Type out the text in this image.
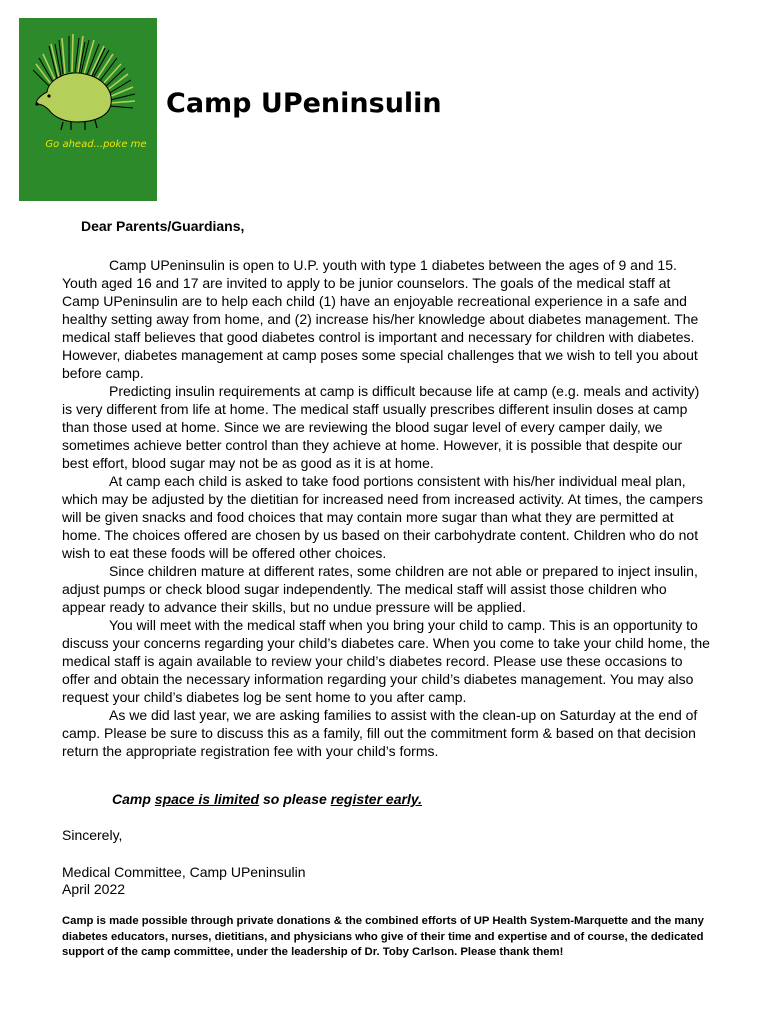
Go ahead...poke me
Camp UPeninsulin
Dear Parents/Guardians,

Camp UPeninsulin is open to U.P. youth with type 1 diabetes between the ages of 9 and 15. Youth aged 16 and 17 are invited to apply to be junior counselors. The goals of the medical staff at Camp UPeninsulin are to help each child (1) have an enjoyable recreational experience in a safe and healthy setting away from home, and (2) increase his/her knowledge about diabetes management. The medical staff believes that good diabetes control is important and necessary for children with diabetes. However, diabetes management at camp poses some special challenges that we wish to tell you about before camp.

Predicting insulin requirements at camp is difficult because life at camp (e.g. meals and activity) is very different from life at home. The medical staff usually prescribes different insulin doses at camp than those used at home. Since we are reviewing the blood sugar level of every camper daily, we sometimes achieve better control than they achieve at home. However, it is possible that despite our best effort, blood sugar may not be as good as it is at home.

At camp each child is asked to take food portions consistent with his/her individual meal plan, which may be adjusted by the dietitian for increased need from increased activity. At times, the campers will be given snacks and food choices that may contain more sugar than what they are permitted at home. The choices offered are chosen by us based on their carbohydrate content. Children who do not wish to eat these foods will be offered other choices.

Since children mature at different rates, some children are not able or prepared to inject insulin, adjust pumps or check blood sugar independently. The medical staff will assist those children who appear ready to advance their skills, but no undue pressure will be applied.

You will meet with the medical staff when you bring your child to camp. This is an opportunity to discuss your concerns regarding your child’s diabetes care. When you come to take your child home, the medical staff is again available to review your child’s diabetes record. Please use these occasions to offer and obtain the necessary information regarding your child’s diabetes management. You may also request your child’s diabetes log be sent home to you after camp.

As we did last year, we are asking families to assist with the clean-up on Saturday at the end of camp. Please be sure to discuss this as a family, fill out the commitment form & based on that decision return the appropriate registration fee with your child’s forms.

Camp space is limited so please register early.
Sincerely,
Medical Committee, Camp UPeninsulin
April 2022
Camp is made possible through private donations & the combined efforts of UP Health System-Marquette and the many diabetes educators, nurses, dietitians, and physicians who give of their time and expertise and of course, the dedicated support of the camp committee, under the leadership of Dr. Toby Carlson. Please thank them!
